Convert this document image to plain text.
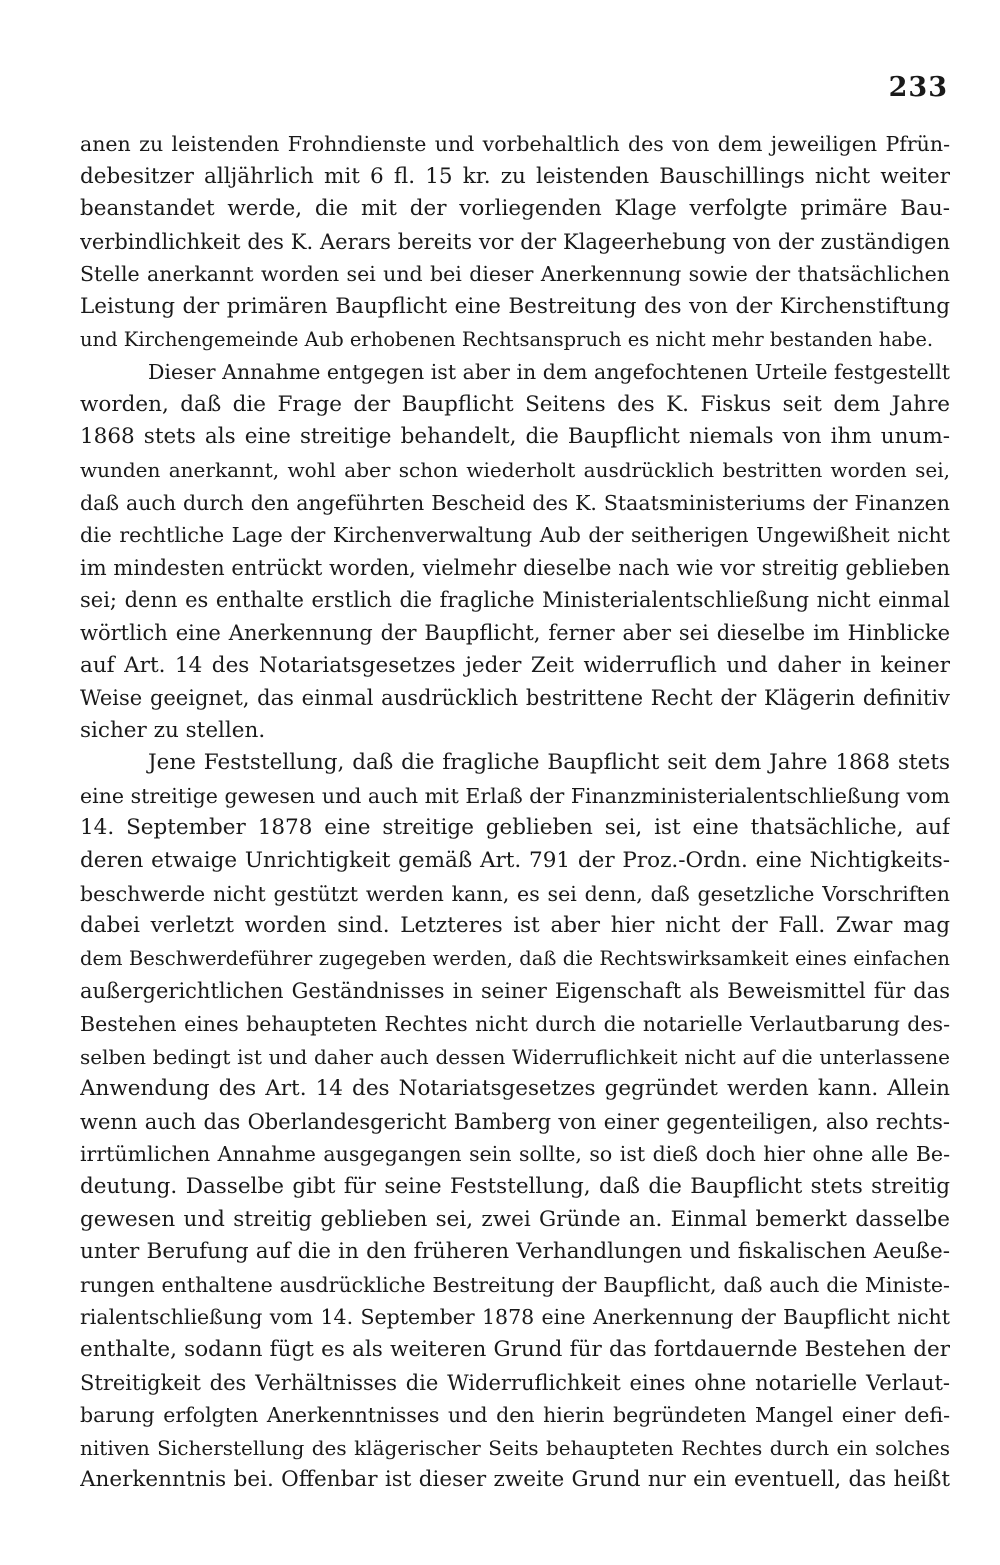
233
anen zu leistenden Frohndienste und vorbehaltlich des von dem jeweiligen Pfrün-
debesitzer alljährlich mit 6 fl. 15 kr. zu leistenden Bauschillings nicht weiter
beanstandet werde, die mit der vorliegenden Klage verfolgte primäre Bau-
verbindlichkeit des K. Aerars bereits vor der Klageerhebung von der zuständigen
Stelle anerkannt worden sei und bei dieser Anerkennung sowie der thatsächlichen
Leistung der primären Baupflicht eine Bestreitung des von der Kirchenstiftung
und Kirchengemeinde Aub erhobenen Rechtsanspruch es nicht mehr bestanden habe.
Dieser Annahme entgegen ist aber in dem angefochtenen Urteile festgestellt
worden, daß die Frage der Baupflicht Seitens des K. Fiskus seit dem Jahre
1868 stets als eine streitige behandelt, die Baupflicht niemals von ihm unum-
wunden anerkannt, wohl aber schon wiederholt ausdrücklich bestritten worden sei,
daß auch durch den angeführten Bescheid des K. Staatsministeriums der Finanzen
die rechtliche Lage der Kirchenverwaltung Aub der seitherigen Ungewißheit nicht
im mindesten entrückt worden, vielmehr dieselbe nach wie vor streitig geblieben
sei; denn es enthalte erstlich die fragliche Ministerialentschließung nicht einmal
wörtlich eine Anerkennung der Baupflicht, ferner aber sei dieselbe im Hinblicke
auf Art. 14 des Notariatsgesetzes jeder Zeit widerruflich und daher in keiner
Weise geeignet, das einmal ausdrücklich bestrittene Recht der Klägerin definitiv
sicher zu stellen.
Jene Feststellung, daß die fragliche Baupflicht seit dem Jahre 1868 stets
eine streitige gewesen und auch mit Erlaß der Finanzministerialentschließung vom
14. September 1878 eine streitige geblieben sei, ist eine thatsächliche, auf
deren etwaige Unrichtigkeit gemäß Art. 791 der Proz.-Ordn. eine Nichtigkeits-
beschwerde nicht gestützt werden kann, es sei denn, daß gesetzliche Vorschriften
dabei verletzt worden sind. Letzteres ist aber hier nicht der Fall. Zwar mag
dem Beschwerdeführer zugegeben werden, daß die Rechtswirksamkeit eines einfachen
außergerichtlichen Geständnisses in seiner Eigenschaft als Beweismittel für das
Bestehen eines behaupteten Rechtes nicht durch die notarielle Verlautbarung des-
selben bedingt ist und daher auch dessen Widerruflichkeit nicht auf die unterlassene
Anwendung des Art. 14 des Notariatsgesetzes gegründet werden kann. Allein
wenn auch das Oberlandesgericht Bamberg von einer gegenteiligen, also rechts-
irrtümlichen Annahme ausgegangen sein sollte, so ist dieß doch hier ohne alle Be-
deutung. Dasselbe gibt für seine Feststellung, daß die Baupflicht stets streitig
gewesen und streitig geblieben sei, zwei Gründe an. Einmal bemerkt dasselbe
unter Berufung auf die in den früheren Verhandlungen und fiskalischen Aeuße-
rungen enthaltene ausdrückliche Bestreitung der Baupflicht, daß auch die Ministe-
rialentschließung vom 14. September 1878 eine Anerkennung der Baupflicht nicht
enthalte, sodann fügt es als weiteren Grund für das fortdauernde Bestehen der
Streitigkeit des Verhältnisses die Widerruflichkeit eines ohne notarielle Verlaut-
barung erfolgten Anerkenntnisses und den hierin begründeten Mangel einer defi-
nitiven Sicherstellung des klägerischer Seits behaupteten Rechtes durch ein solches
Anerkenntnis bei. Offenbar ist dieser zweite Grund nur ein eventuell, das heißt
